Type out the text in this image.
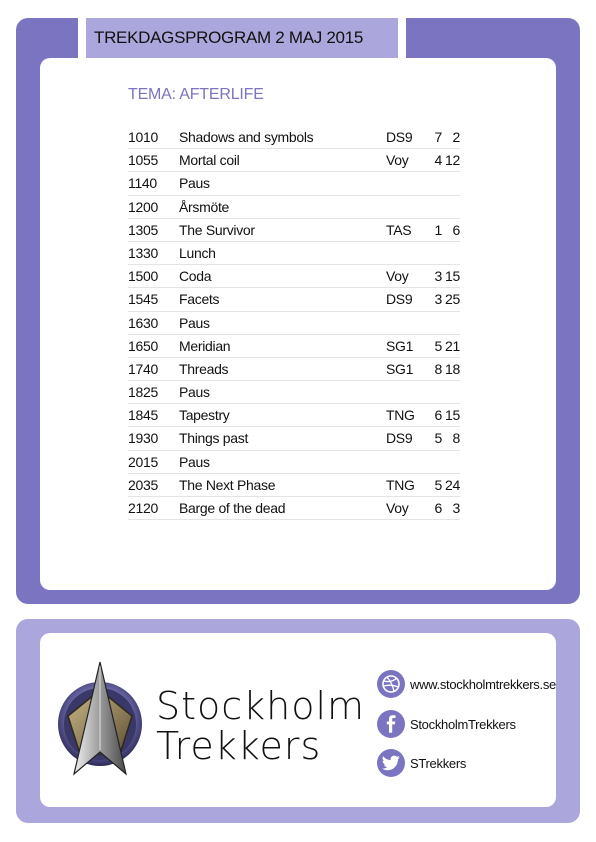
TREKDAGSPROGRAM 2 MAJ 2015
TEMA: AFTERLIFE
1010 Shadows and symbols	DS9	7 2
1055 Mortal coil	Voy	4 12
1140 Paus
1200 Årsmöte
1305 The Survivor	TAS	1 6
1330 Lunch
1500 Coda	Voy	3 15
1545 Facets	DS9	3 25
1630 Paus
1650 Meridian	SG1	5 21
1740 Threads	SG1	8 18
1825 Paus
1845 Tapestry	TNG	6 15
1930 Things past	DS9	5 8
2015 Paus
2035 The Next Phase	TNG	5 24
2120 Barge of the dead	Voy	6 3
Stockholm
Trekkers
www.stockholmtrekkers.se
StockholmTrekkers
STrekkers
